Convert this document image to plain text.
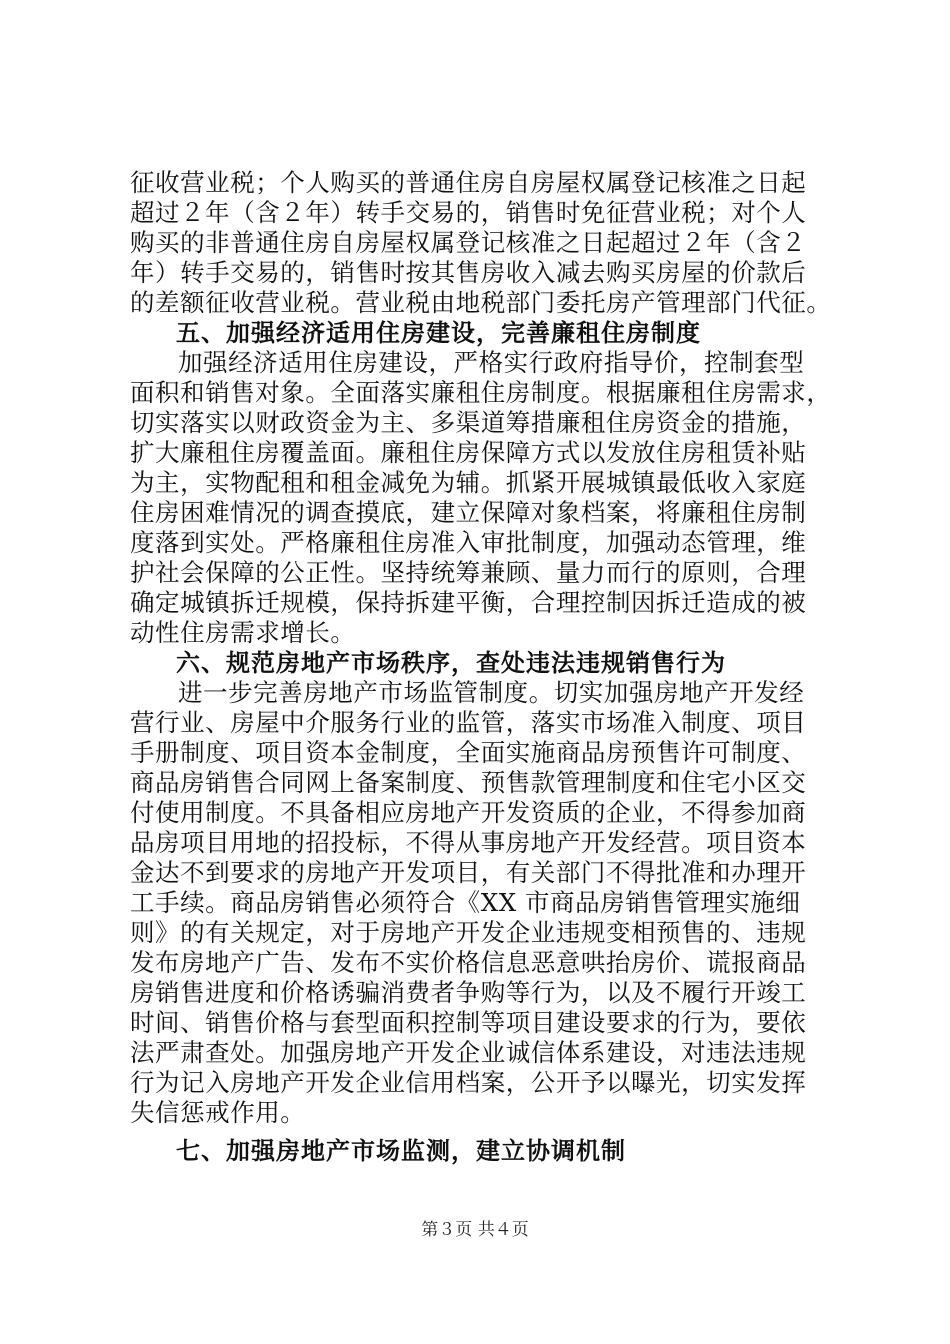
征收营业税；个人购买的普通住房自房屋权属登记核准之日起
超过２年（含２年）转手交易的，销售时免征营业税；对个人
购买的非普通住房自房屋权属登记核准之日起超过２年（含２
年）转手交易的，销售时按其售房收入减去购买房屋的价款后
的差额征收营业税。营业税由地税部门委托房产管理部门代征。
五、加强经济适用住房建设，完善廉租住房制度
加强经济适用住房建设，严格实行政府指导价，控制套型
面积和销售对象。全面落实廉租住房制度。根据廉租住房需求，
切实落实以财政资金为主、多渠道筹措廉租住房资金的措施，
扩大廉租住房覆盖面。廉租住房保障方式以发放住房租赁补贴
为主，实物配租和租金减免为辅。抓紧开展城镇最低收入家庭
住房困难情况的调查摸底，建立保障对象档案，将廉租住房制
度落到实处。严格廉租住房准入审批制度，加强动态管理，维
护社会保障的公正性。坚持统筹兼顾、量力而行的原则，合理
确定城镇拆迁规模，保持拆建平衡，合理控制因拆迁造成的被
动性住房需求增长。
六、规范房地产市场秩序，查处违法违规销售行为
进一步完善房地产市场监管制度。切实加强房地产开发经
营行业、房屋中介服务行业的监管，落实市场准入制度、项目
手册制度、项目资本金制度，全面实施商品房预售许可制度、
商品房销售合同网上备案制度、预售款管理制度和住宅小区交
付使用制度。不具备相应房地产开发资质的企业，不得参加商
品房项目用地的招投标，不得从事房地产开发经营。项目资本
金达不到要求的房地产开发项目，有关部门不得批准和办理开
工手续。商品房销售必须符合《XX 市商品房销售管理实施细
则》的有关规定，对于房地产开发企业违规变相预售的、违规
发布房地产广告、发布不实价格信息恶意哄抬房价、谎报商品
房销售进度和价格诱骗消费者争购等行为，以及不履行开竣工
时间、销售价格与套型面积控制等项目建设要求的行为，要依
法严肃查处。加强房地产开发企业诚信体系建设，对违法违规
行为记入房地产开发企业信用档案，公开予以曝光，切实发挥
失信惩戒作用。
七、加强房地产市场监测，建立协调机制
第３页 共４页
